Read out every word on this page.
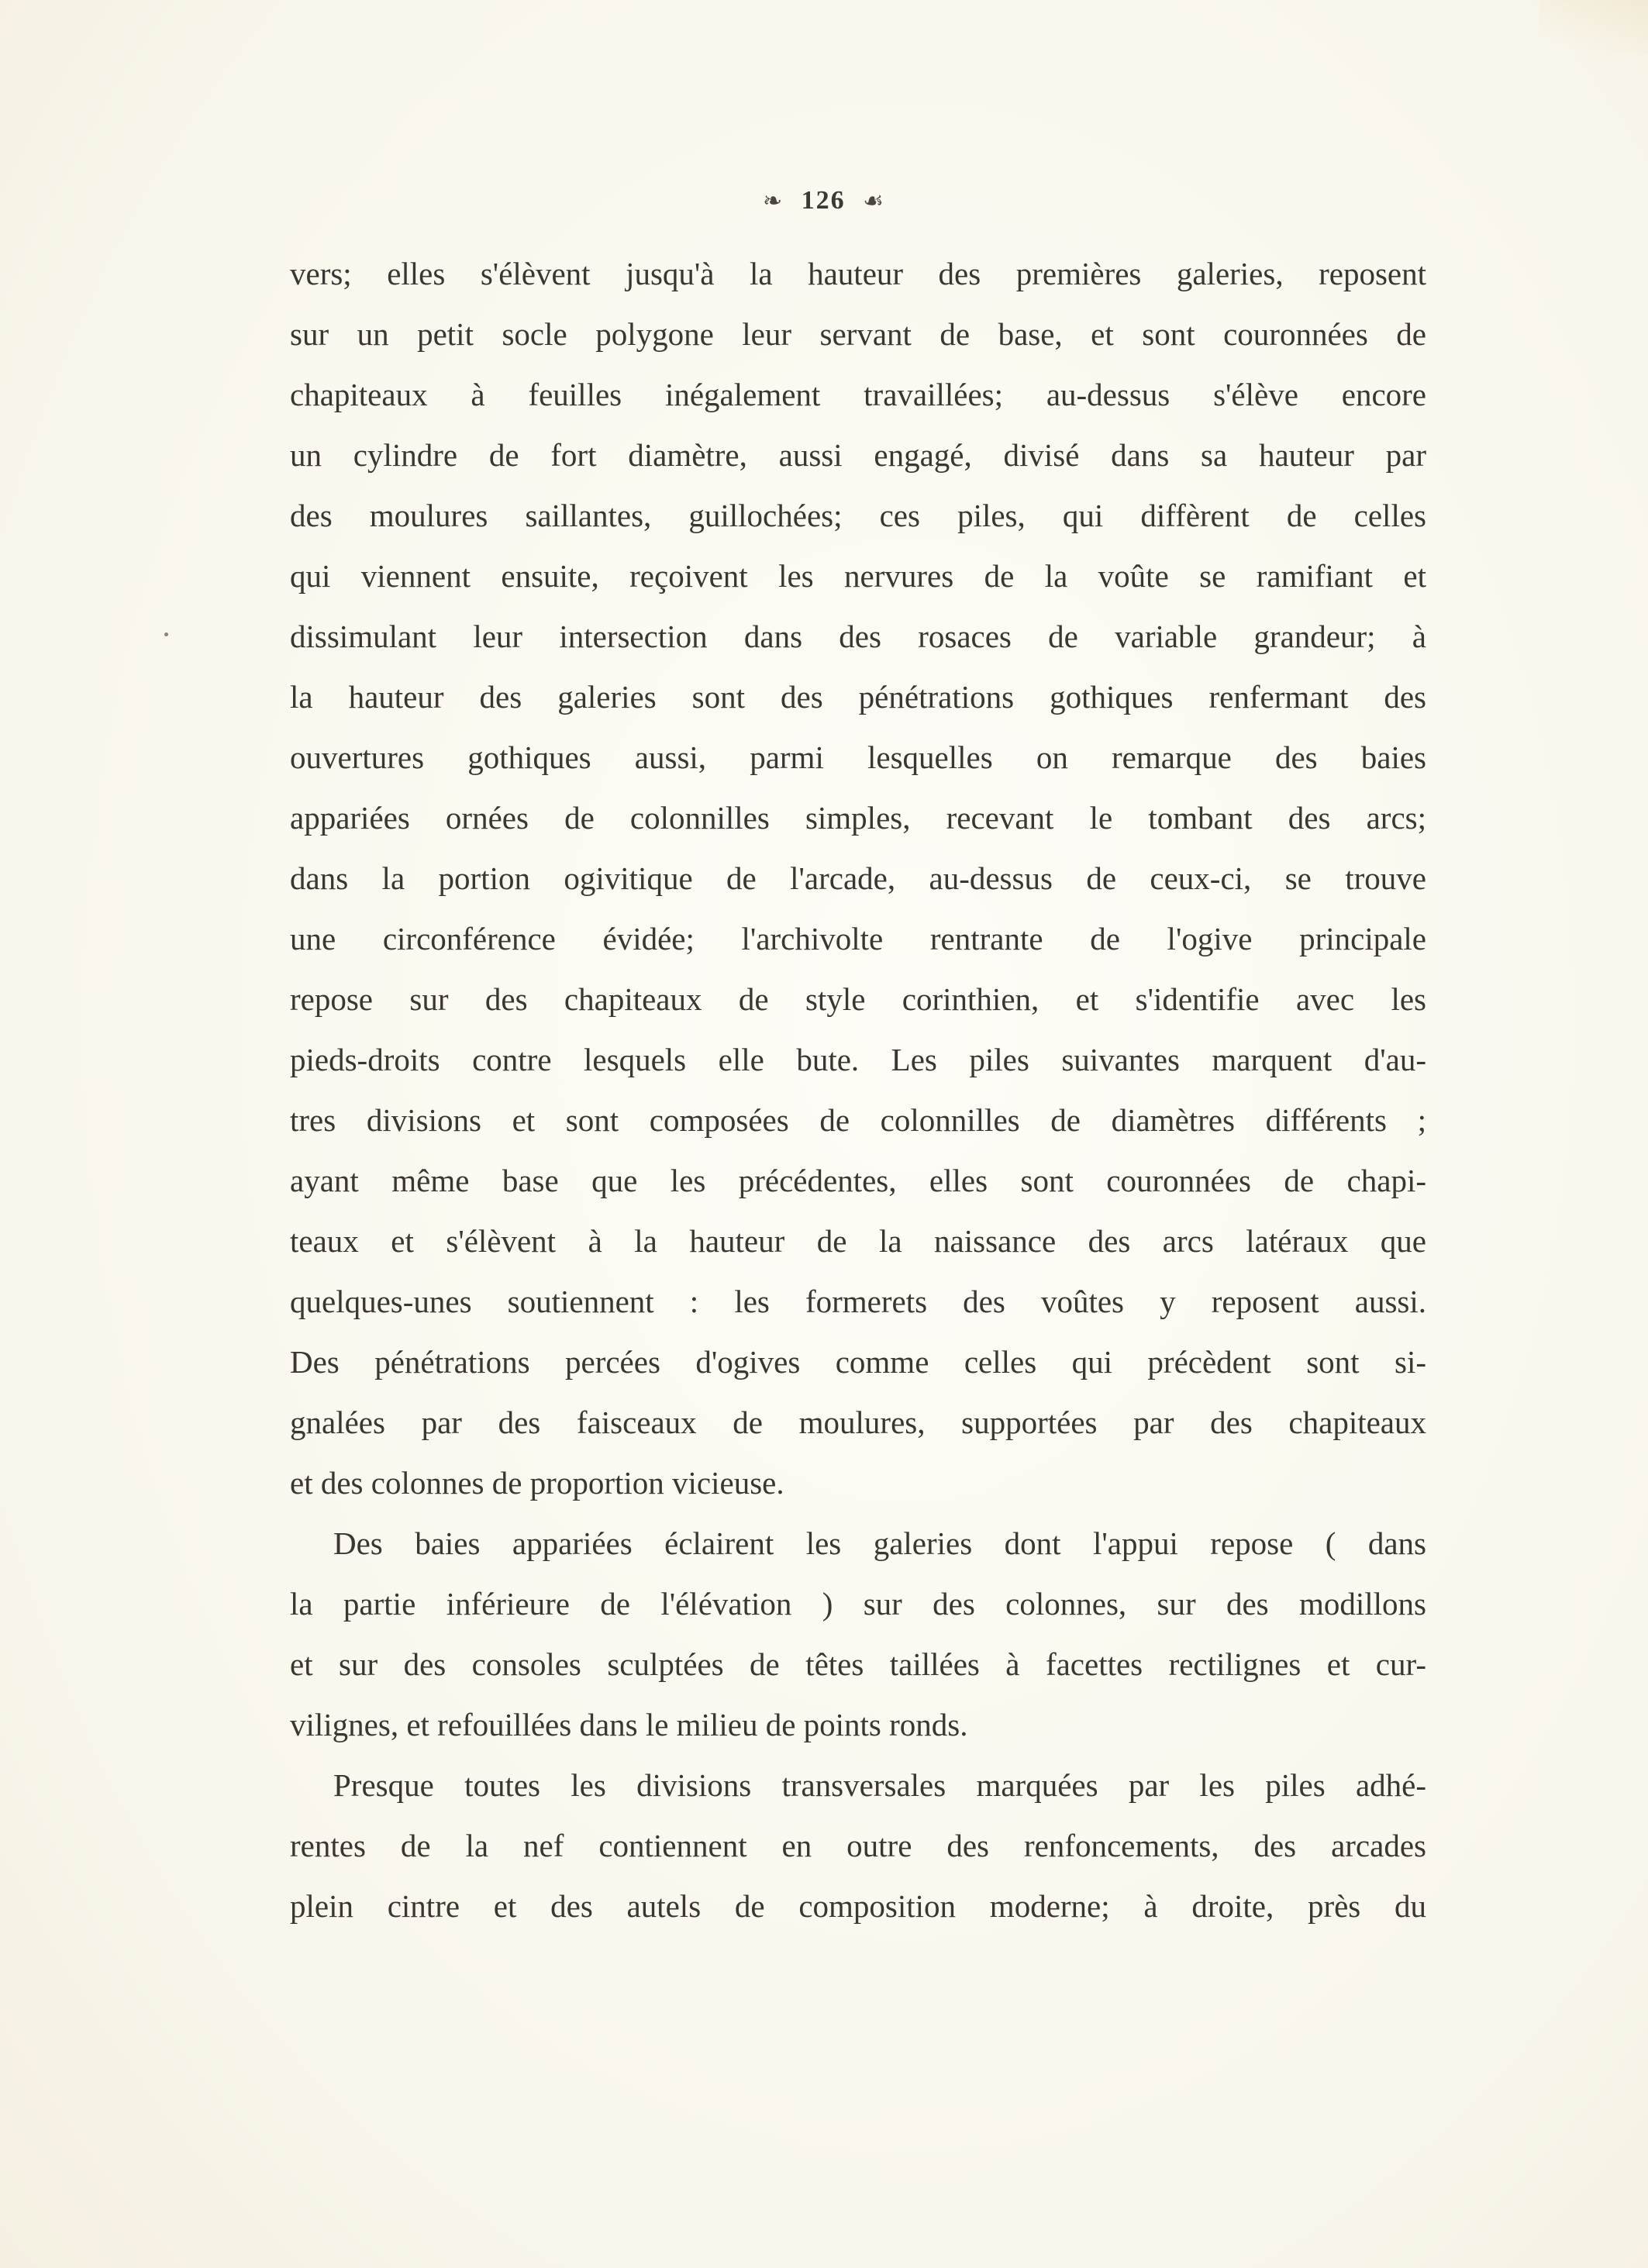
❧ 126 ☙
vers; elles s'élèvent jusqu'à la hauteur des premières galeries, reposent
sur un petit socle polygone leur servant de base, et sont couronnées de
chapiteaux à feuilles inégalement travaillées; au-dessus s'élève encore
un cylindre de fort diamètre, aussi engagé, divisé dans sa hauteur par
des moulures saillantes, guillochées; ces piles, qui diffèrent de celles
qui viennent ensuite, reçoivent les nervures de la voûte se ramifiant et
dissimulant leur intersection dans des rosaces de variable grandeur; à
la hauteur des galeries sont des pénétrations gothiques renfermant des
ouvertures gothiques aussi, parmi lesquelles on remarque des baies
appariées ornées de colonnilles simples, recevant le tombant des arcs;
dans la portion ogivitique de l'arcade, au-dessus de ceux-ci, se trouve
une circonférence évidée; l'archivolte rentrante de l'ogive principale
repose sur des chapiteaux de style corinthien, et s'identifie avec les
pieds-droits contre lesquels elle bute. Les piles suivantes marquent d'au-
tres divisions et sont composées de colonnilles de diamètres différents ;
ayant même base que les précédentes, elles sont couronnées de chapi-
teaux et s'élèvent à la hauteur de la naissance des arcs latéraux que
quelques-unes soutiennent : les formerets des voûtes y reposent aussi.
Des pénétrations percées d'ogives comme celles qui précèdent sont si-
gnalées par des faisceaux de moulures, supportées par des chapiteaux
et des colonnes de proportion vicieuse.
Des baies appariées éclairent les galeries dont l'appui repose ( dans
la partie inférieure de l'élévation ) sur des colonnes, sur des modillons
et sur des consoles sculptées de têtes taillées à facettes rectilignes et cur-
vilignes, et refouillées dans le milieu de points ronds.
Presque toutes les divisions transversales marquées par les piles adhé-
rentes de la nef contiennent en outre des renfoncements, des arcades
plein cintre et des autels de composition moderne; à droite, près du
